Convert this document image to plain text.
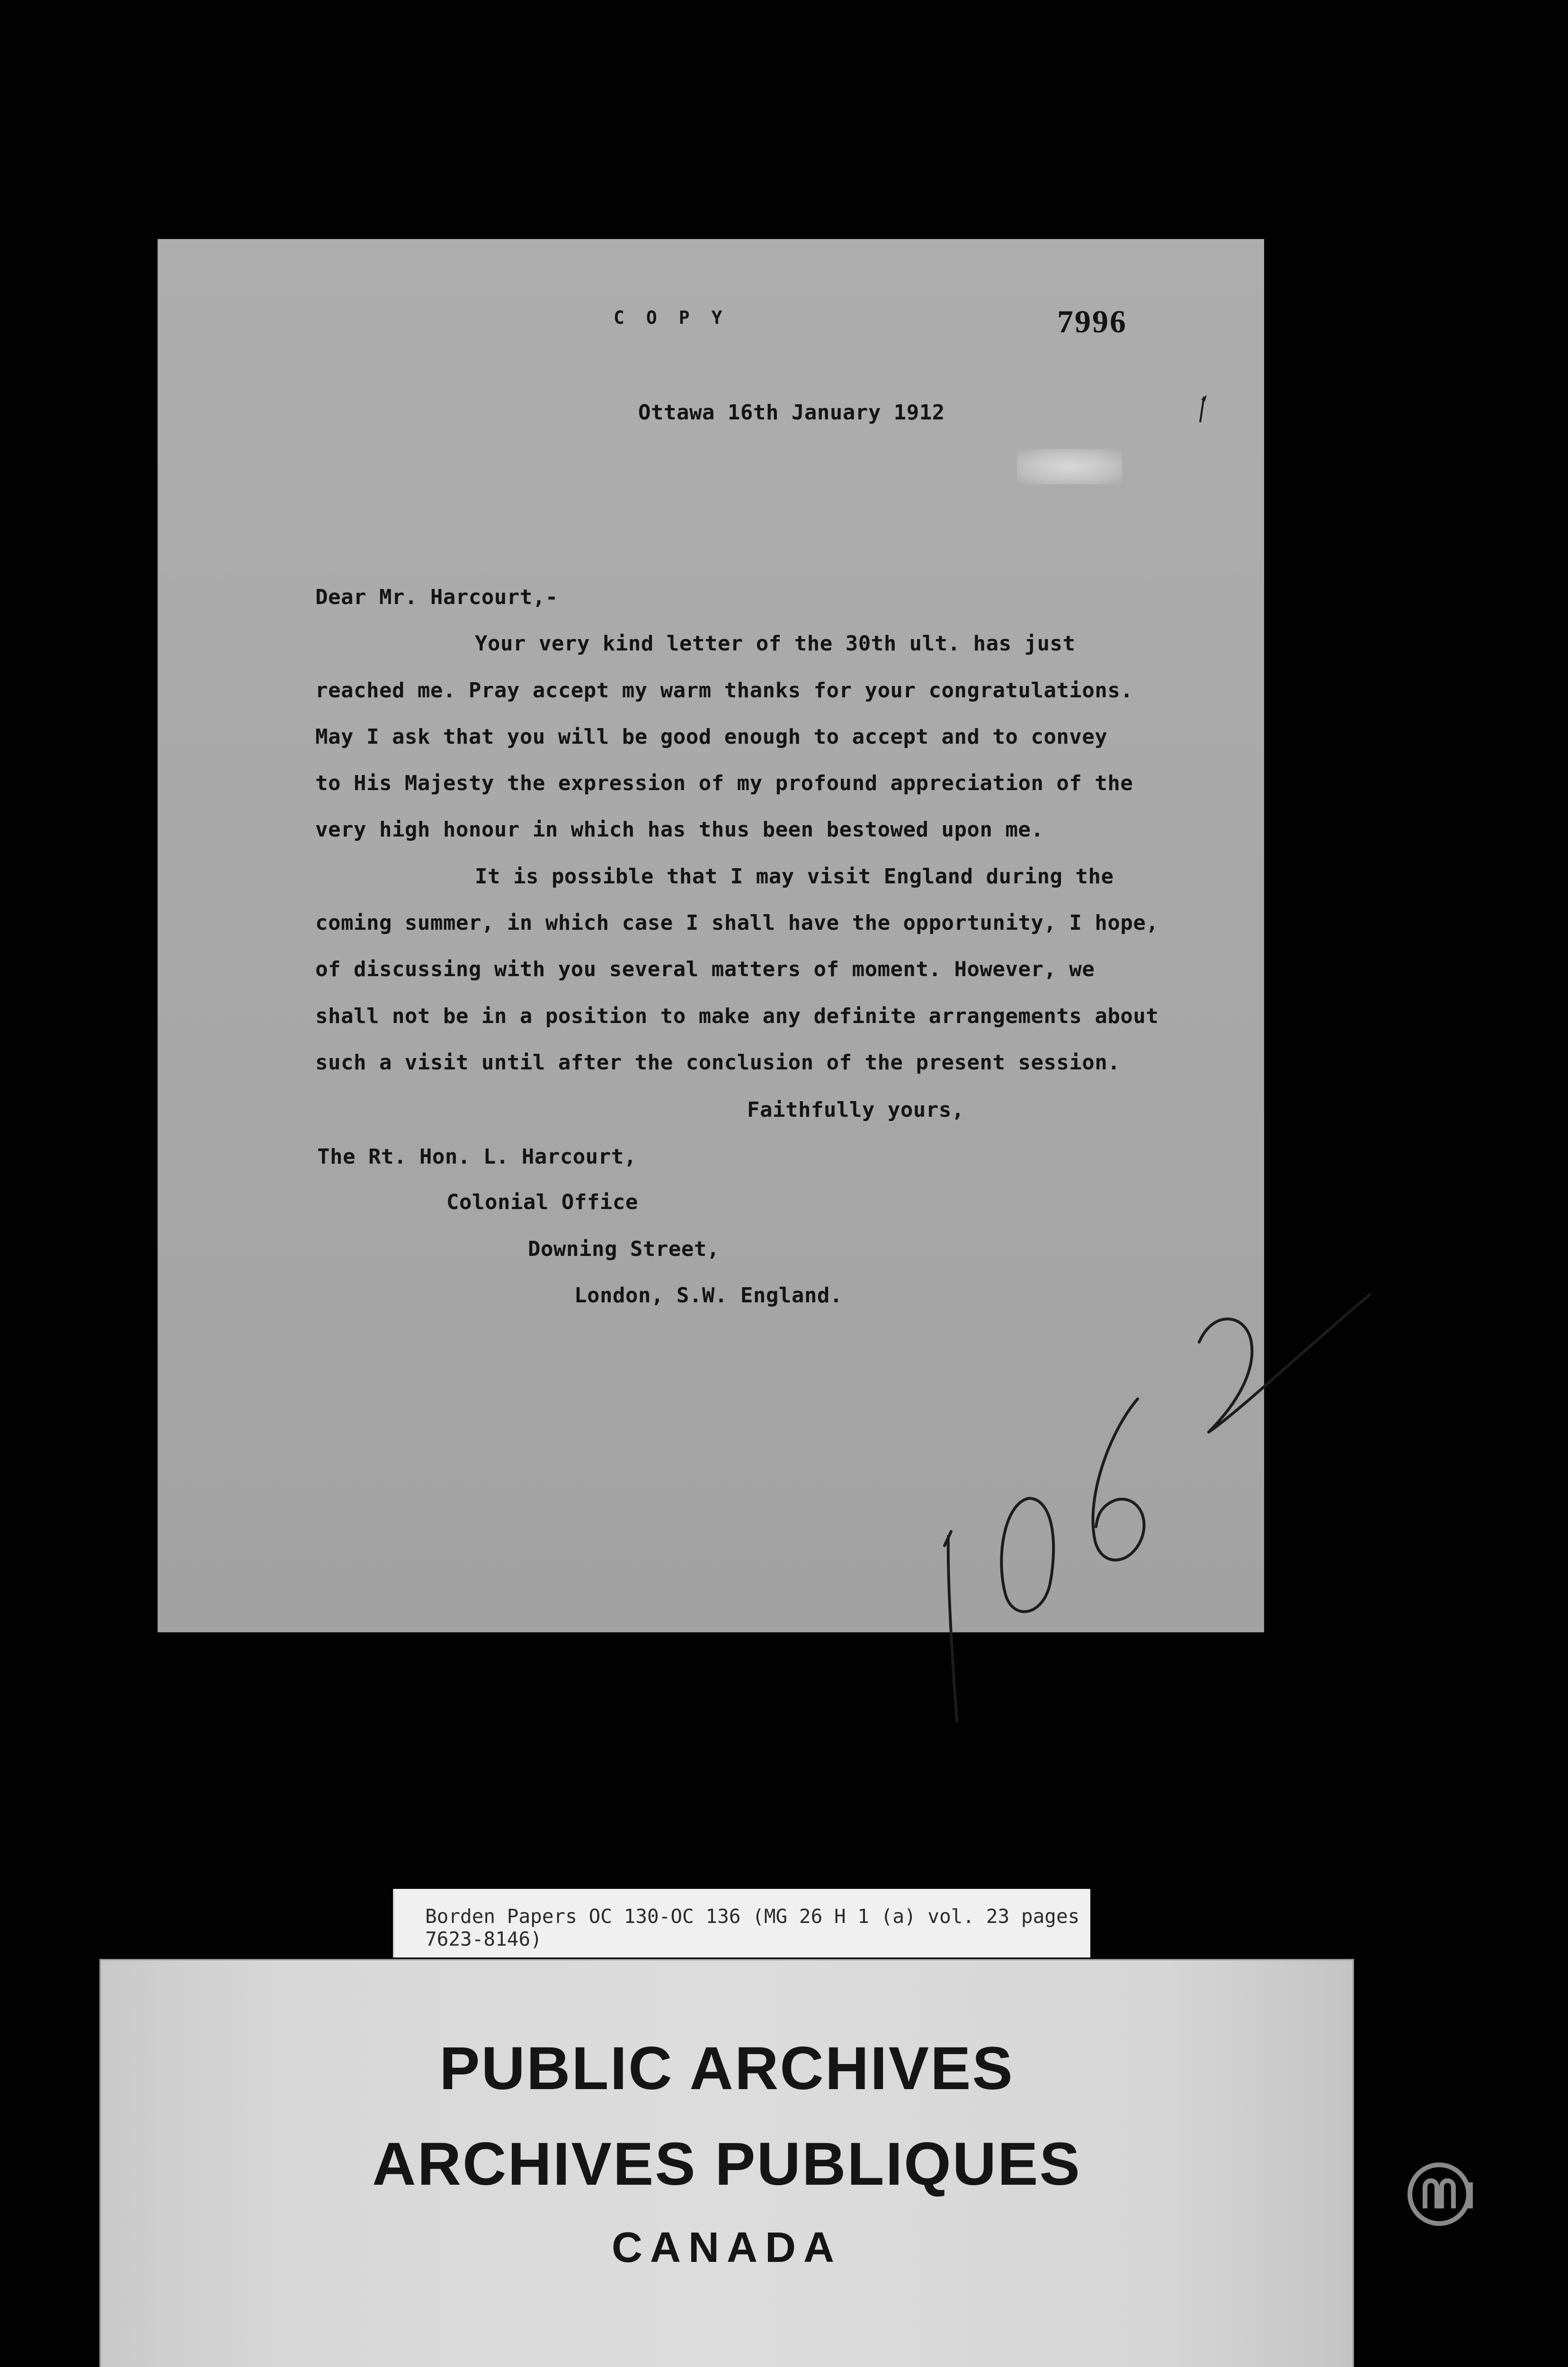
COPY	7996
Ottawa 16th January 1912
Dear Mr. Harcourt,-
Your very kind letter of the 30th ult. has just
reached me. Pray accept my warm thanks for your congratulations.
May I ask that you will be good enough to accept and to convey
to His Majesty the expression of my profound appreciation of the
very high honour in which has thus been bestowed upon me.
It is possible that I may visit England during the
coming summer, in which case I shall have the opportunity, I hope,
of discussing with you several matters of moment. However, we
shall not be in a position to make any definite arrangements about
such a visit until after the conclusion of the present session.
Faithfully yours,
The Rt. Hon. L. Harcourt,
Colonial Office
Downing Street,
London, S.W. England.
Borden Papers OC 130-OC 136 (MG 26 H 1 (a) vol. 23 pages 7623-8146)
PUBLIC ARCHIVES
ARCHIVES PUBLIQUES
CANADA
